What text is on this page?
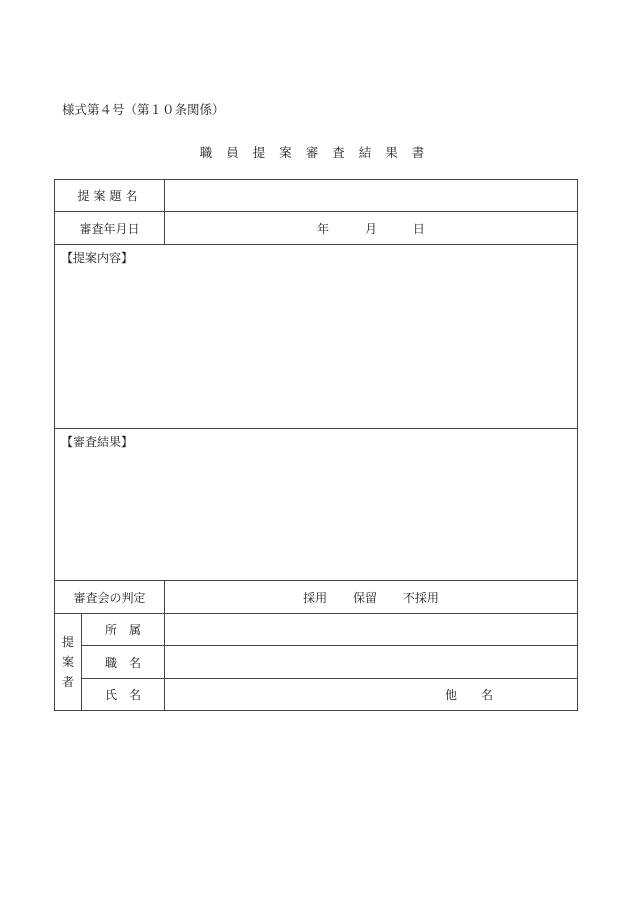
様式第４号（第１０条関係）
職員提案審査結果書
提案題名		
審査年月日		年 月 日

【提案内容】		

【審査結果】		

審査会の判定		採用 保留 不採用

提
案
者	所属	
	職名	
	氏名	他名
